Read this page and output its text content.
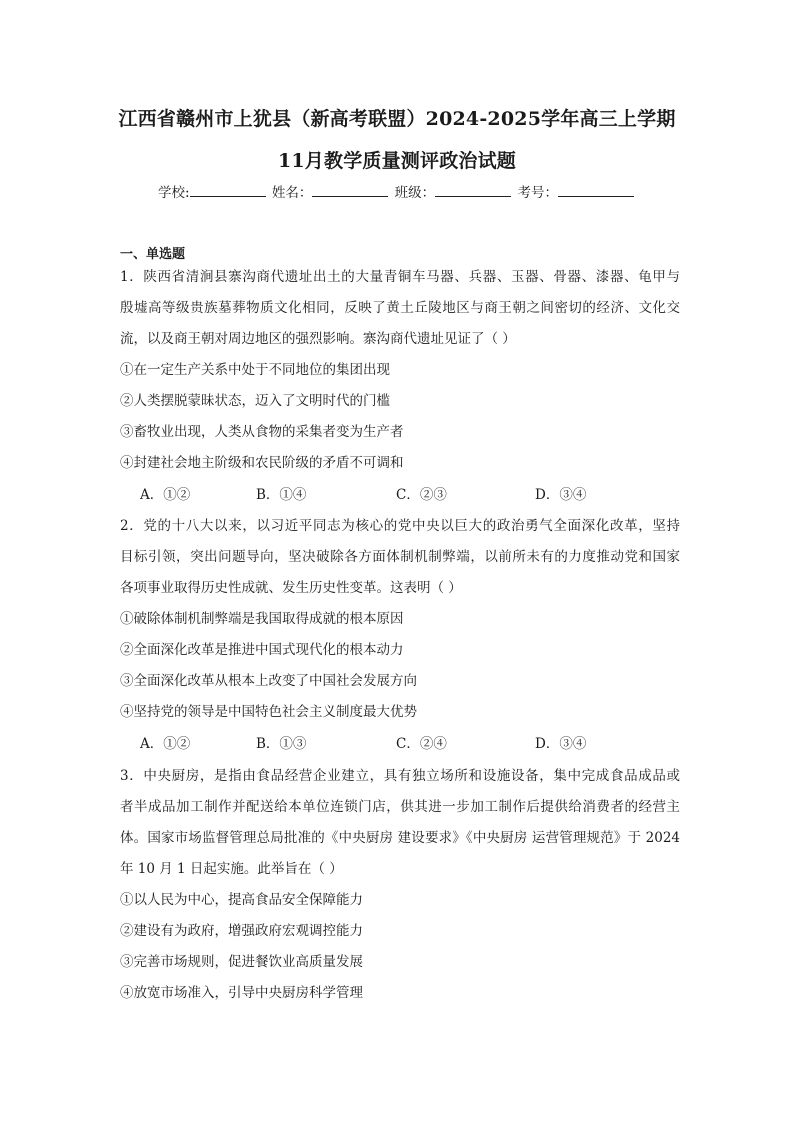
江西省赣州市上犹县（新高考联盟）2024-2025学年高三上学期
11月教学质量测评政治试题
学校:	姓名：	班级：	考号：
一、单选题
1．陕西省清涧县寨沟商代遗址出土的大量青铜车马器、兵器、玉器、骨器、漆器、龟甲与
殷墟高等级贵族墓葬物质文化相同，反映了黄土丘陵地区与商王朝之间密切的经济、文化交
流，以及商王朝对周边地区的强烈影响。寨沟商代遗址见证了（ ）
①在一定生产关系中处于不同地位的集团出现
②人类摆脱蒙昧状态，迈入了文明时代的门槛
③畜牧业出现，人类从食物的采集者变为生产者
④封建社会地主阶级和农民阶级的矛盾不可调和
A．①②	B．①④	C．②③	D．③④
2．党的十八大以来，以习近平同志为核心的党中央以巨大的政治勇气全面深化改革，坚持
目标引领，突出问题导向，坚决破除各方面体制机制弊端，以前所未有的力度推动党和国家
各项事业取得历史性成就、发生历史性变革。这表明（ ）
①破除体制机制弊端是我国取得成就的根本原因
②全面深化改革是推进中国式现代化的根本动力
③全面深化改革从根本上改变了中国社会发展方向
④坚持党的领导是中国特色社会主义制度最大优势
A．①②	B．①③	C．②④	D．③④
3．中央厨房，是指由食品经营企业建立，具有独立场所和设施设备，集中完成食品成品或
者半成品加工制作并配送给本单位连锁门店，供其进一步加工制作后提供给消费者的经营主
体。国家市场监督管理总局批准的《中央厨房 建设要求》《中央厨房 运营管理规范》于 2024
年 10 月 1 日起实施。此举旨在（ ）
①以人民为中心，提高食品安全保障能力
②建设有为政府，增强政府宏观调控能力
③完善市场规则，促进餐饮业高质量发展
④放宽市场准入，引导中央厨房科学管理
